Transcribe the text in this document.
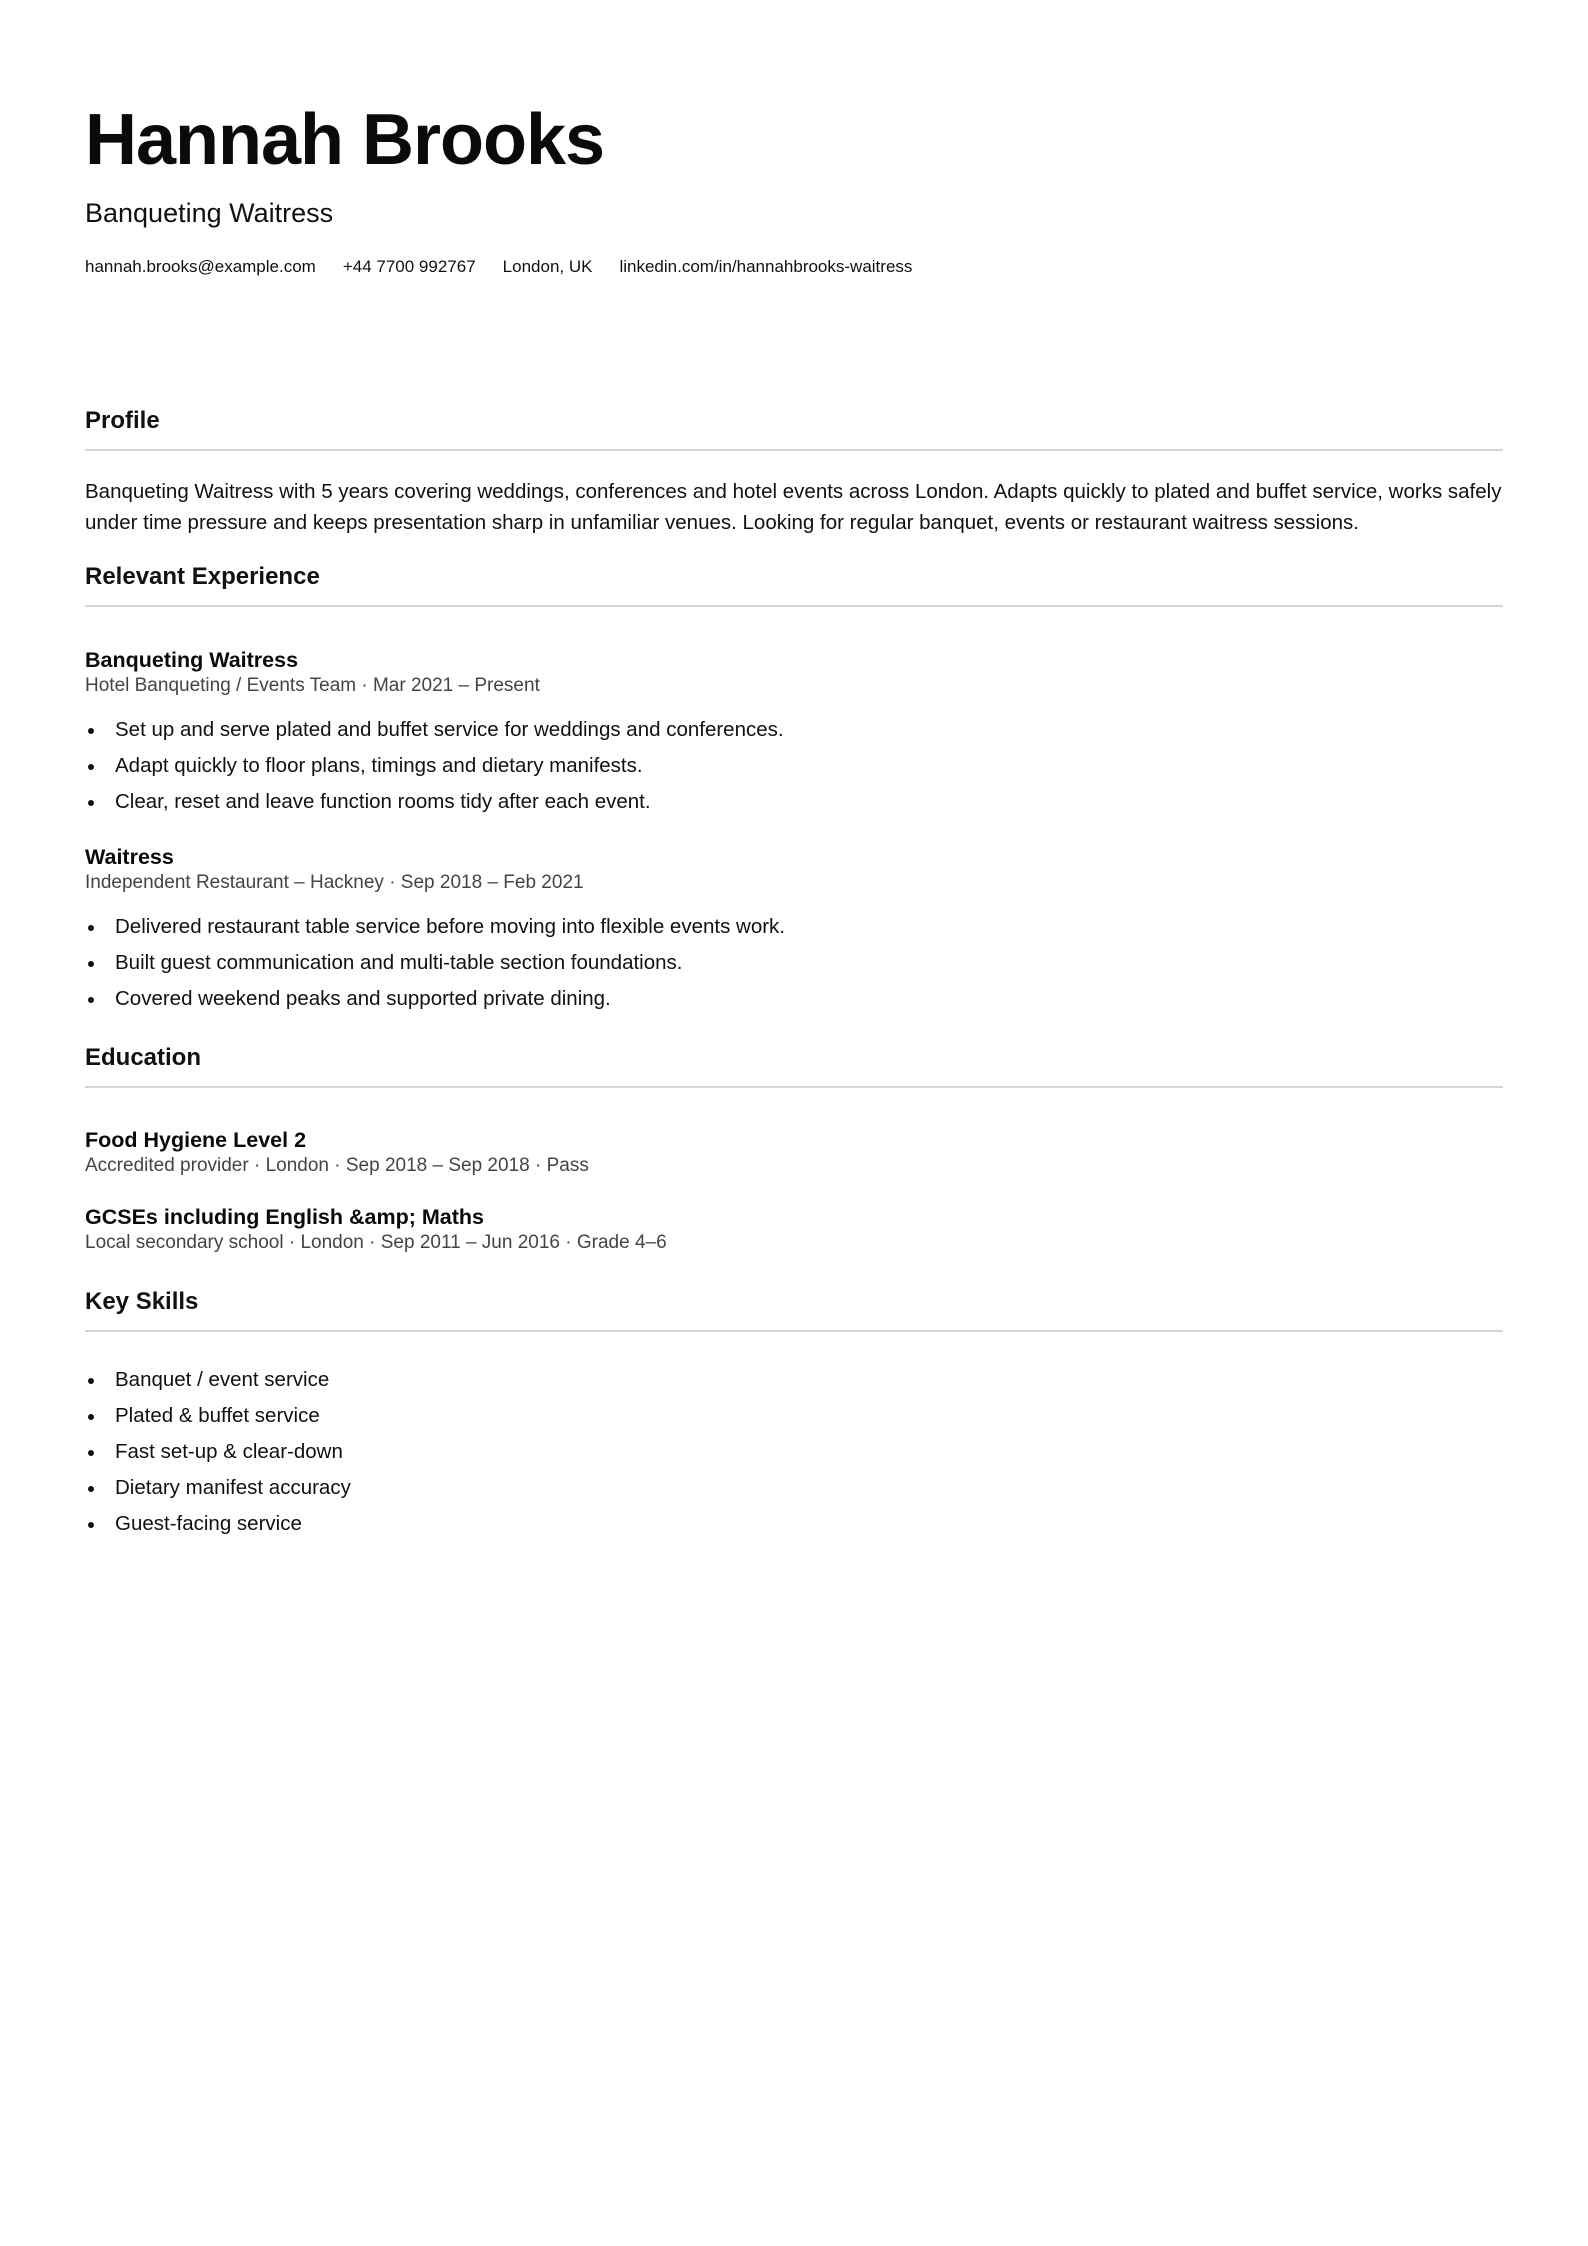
Hannah Brooks
Banqueting Waitress
hannah.brooks@example.com +44 7700 992767 London, UK linkedin.com/in/hannahbrooks-waitress
Profile

Banqueting Waitress with 5 years covering weddings, conferences and hotel events across London. Adapts quickly to plated and buffet service, works safely under time pressure and keeps presentation sharp in unfamiliar venues. Looking for regular banquet, events or restaurant waitress sessions.

Relevant Experience
Banqueting Waitress
Hotel Banqueting / Events Team · Mar 2021 – Present
Set up and serve plated and buffet service for weddings and conferences.
Adapt quickly to floor plans, timings and dietary manifests.
Clear, reset and leave function rooms tidy after each event.
Waitress
Independent Restaurant – Hackney · Sep 2018 – Feb 2021
Delivered restaurant table service before moving into flexible events work.
Built guest communication and multi-table section foundations.
Covered weekend peaks and supported private dining.
Education
Food Hygiene Level 2
Accredited provider · London · Sep 2018 – Sep 2018 · Pass
GCSEs including English &amp; Maths
Local secondary school · London · Sep 2011 – Jun 2016 · Grade 4–6
Key Skills
Banquet / event service
Plated & buffet service
Fast set-up & clear-down
Dietary manifest accuracy
Guest-facing service
